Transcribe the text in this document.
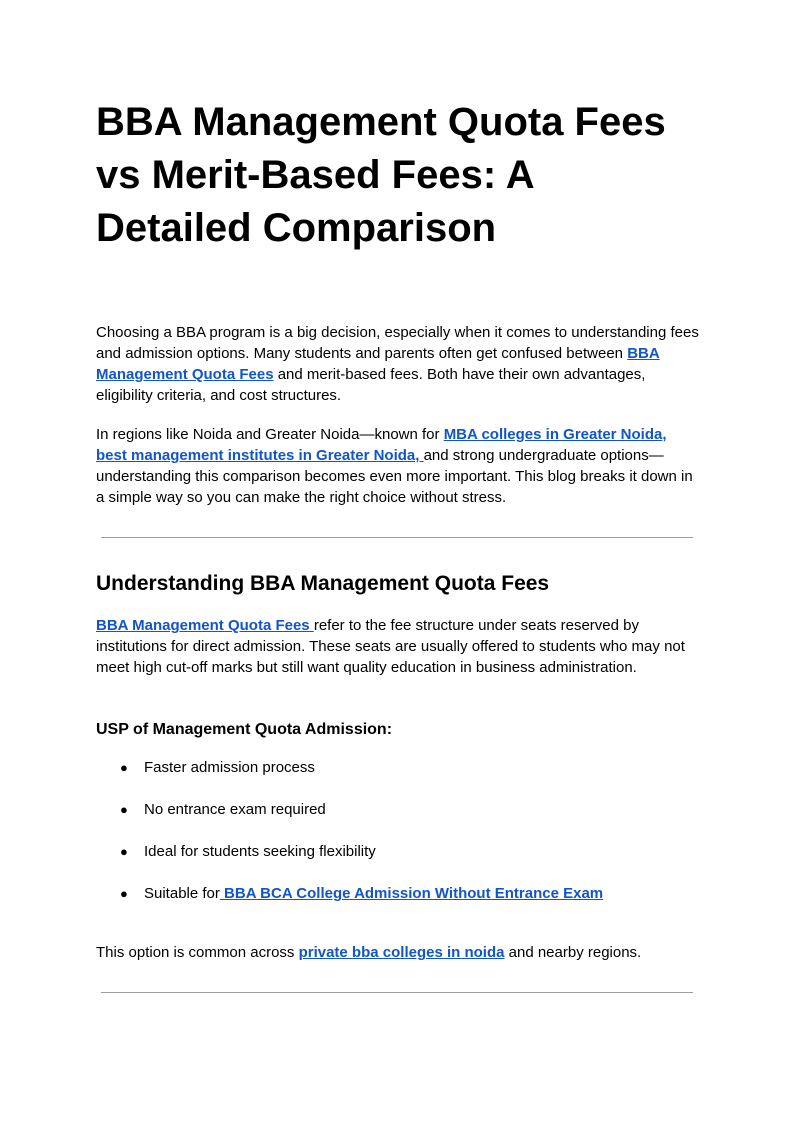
BBA Management Quota Fees vs Merit-Based Fees: A Detailed Comparison

Choosing a BBA program is a big decision, especially when it comes to understanding fees and admission options. Many students and parents often get confused between BBA Management Quota Fees and merit-based fees. Both have their own advantages, eligibility criteria, and cost structures.

In regions like Noida and Greater Noida—known for MBA colleges in Greater Noida, best management institutes in Greater Noida, and strong undergraduate options—understanding this comparison becomes even more important. This blog breaks it down in a simple way so you can make the right choice without stress.

Understanding BBA Management Quota Fees

BBA Management Quota Fees refer to the fee structure under seats reserved by institutions for direct admission. These seats are usually offered to students who may not meet high cut-off marks but still want quality education in business administration.

USP of Management Quota Admission:
● Faster admission process
● No entrance exam required
● Ideal for students seeking flexibility
● Suitable for BBA BCA College Admission Without Entrance Exam

This option is common across private bba colleges in noida and nearby regions.
